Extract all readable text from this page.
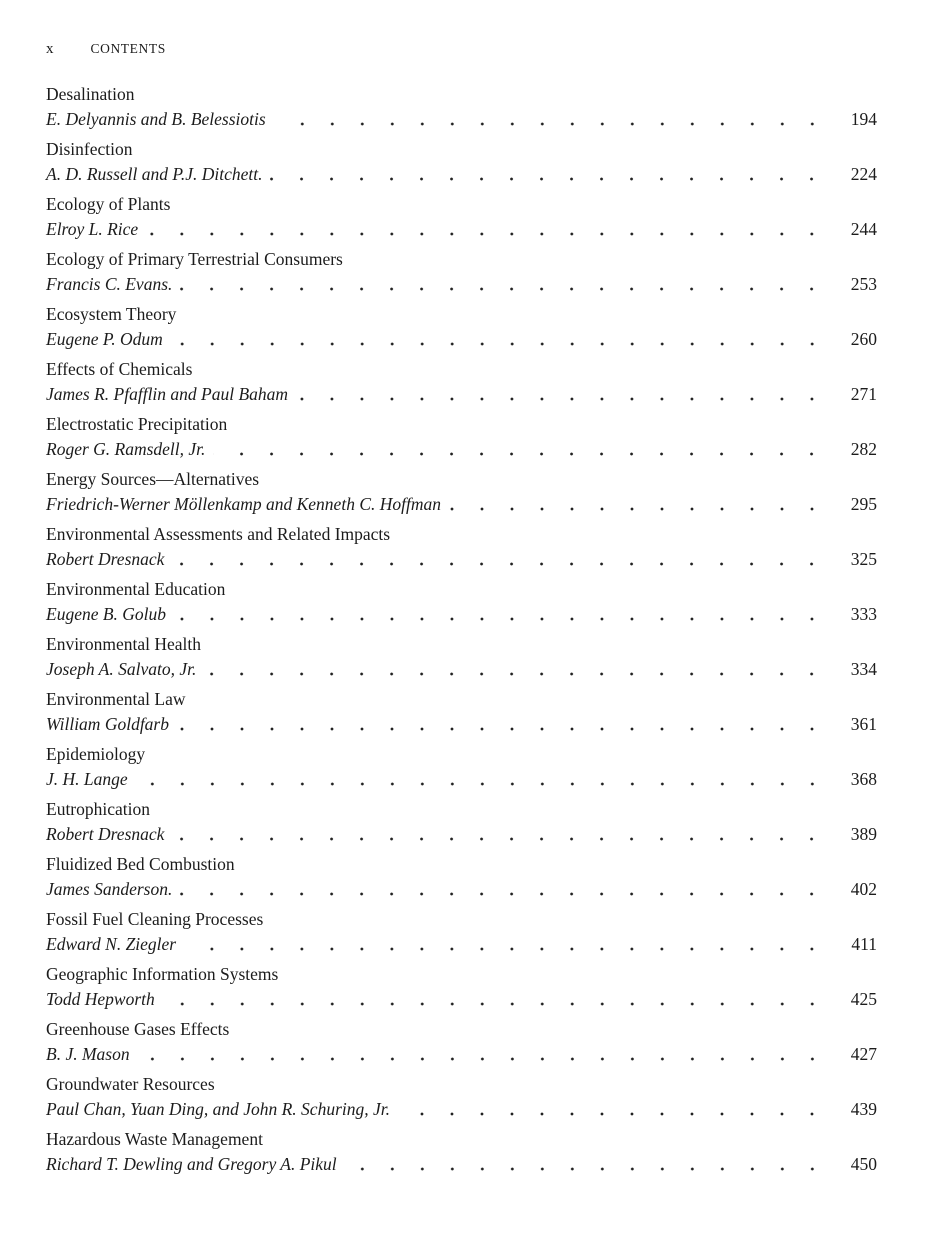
x	CONTENTS
Desalination
E. Delyannis and B. Belessiotis	194
Disinfection
A. D. Russell and P.J. Ditchett.	224
Ecology of Plants
Elroy L. Rice	244
Ecology of Primary Terrestrial Consumers
Francis C. Evans.	253
Ecosystem Theory
Eugene P. Odum	260
Effects of Chemicals
James R. Pfafflin and Paul Baham	271
Electrostatic Precipitation
Roger G. Ramsdell, Jr.	282
Energy Sources—Alternatives
Friedrich-Werner Möllenkamp and Kenneth C. Hoffman	295
Environmental Assessments and Related Impacts
Robert Dresnack	325
Environmental Education
Eugene B. Golub	333
Environmental Health
Joseph A. Salvato, Jr.	334
Environmental Law
William Goldfarb	361
Epidemiology
J. H. Lange	368
Eutrophication
Robert Dresnack	389
Fluidized Bed Combustion
James Sanderson.	402
Fossil Fuel Cleaning Processes
Edward N. Ziegler	411
Geographic Information Systems
Todd Hepworth	425
Greenhouse Gases Effects
B. J. Mason	427
Groundwater Resources
Paul Chan, Yuan Ding, and John R. Schuring, Jr.	439
Hazardous Waste Management
Richard T. Dewling and Gregory A. Pikul	450
